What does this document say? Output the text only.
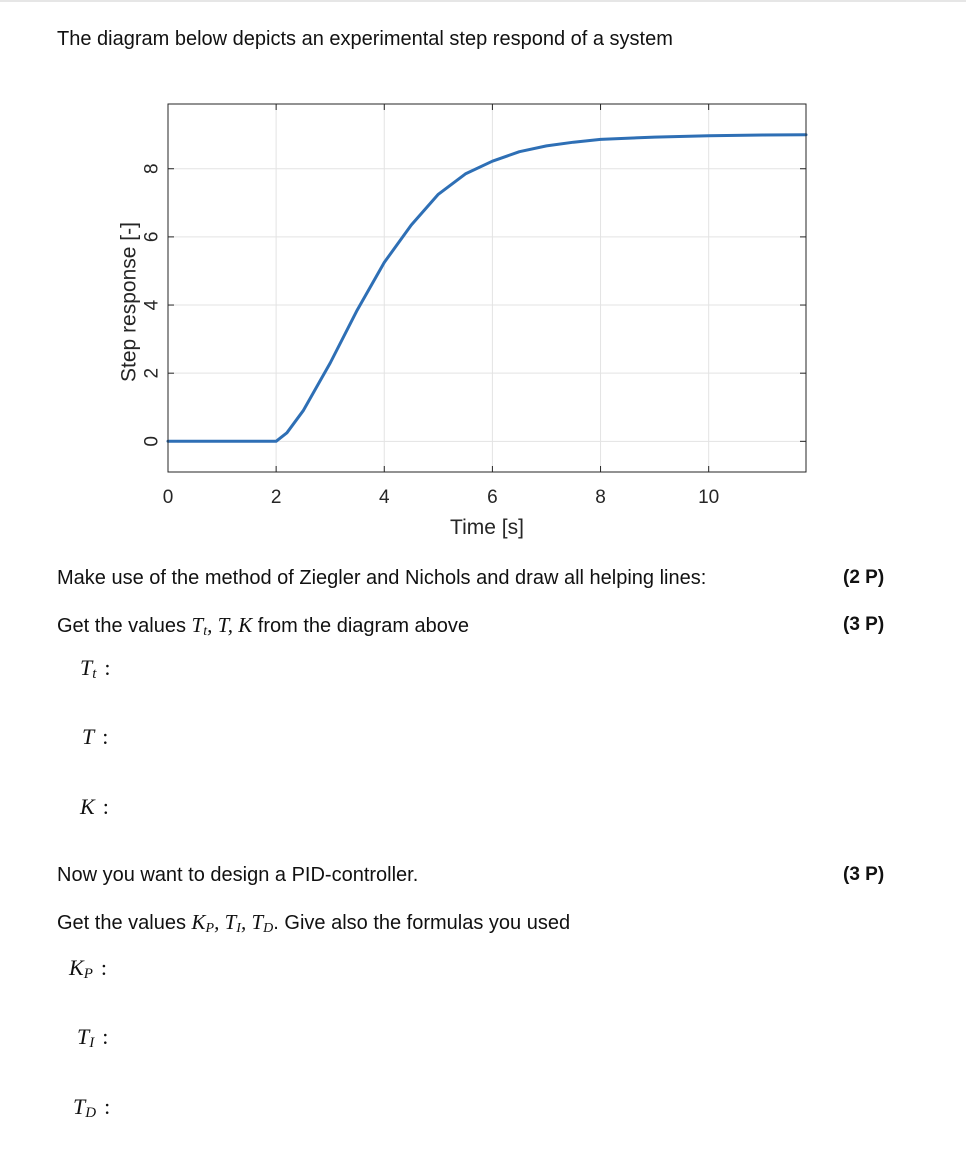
The diagram below depicts an experimental step respond of a system
0	2	4	6	8	10
0
2
4
6
8
Time [s]
Step response [-]
Make use of the method of Ziegler and Nichols and draw all helping lines:	(2 P)
Get the values $T_t$, T, K from the diagram above	(3 P)
$T_t$ :
T :
K :
Now you want to design a PID-controller.	(3 P)
Get the values $K_P$, $T_I$, $T_D$. Give also the formulas you used
$K_P$ :
$T_I$ :
$T_D$ :
